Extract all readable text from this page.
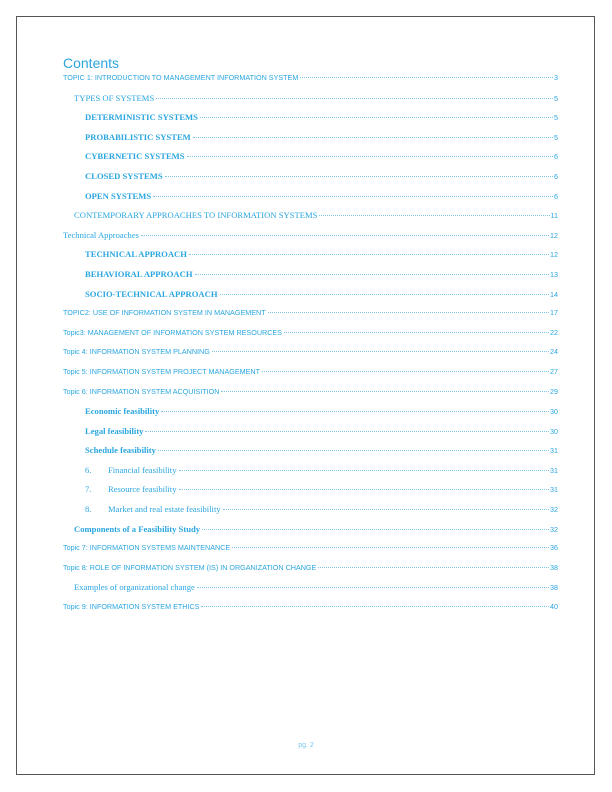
Contents
TOPIC 1: INTRODUCTION TO MANAGEMENT INFORMATION SYSTEM	3
TYPES OF SYSTEMS	5
DETERMINISTIC SYSTEMS	5
PROBABILISTIC SYSTEM	5
CYBERNETIC SYSTEMS	6
CLOSED SYSTEMS	6
OPEN SYSTEMS	6
CONTEMPORARY APPROACHES TO INFORMATION SYSTEMS	11
Technical Approaches	12
TECHNICAL APPROACH	12
BEHAVIORAL APPROACH	13
SOCIO-TECHNICAL APPROACH	14
TOPIC2: USE OF INFORMATION SYSTEM IN MANAGEMENT	17
Topic3: MANAGEMENT OF INFORMATION SYSTEM RESOURCES	22
Topic 4: INFORMATION SYSTEM PLANNING	24
Topic 5: INFORMATION SYSTEM PROJECT MANAGEMENT	27
Topic 6: INFORMATION SYSTEM ACQUISITION	29
Economic feasibility	30
Legal feasibility	30
Schedule feasibility	31
6.	Financial feasibility	31
7.	Resource feasibility	31
8.	Market and real estate feasibility	32
Components of a Feasibility Study	32
Topic 7: INFORMATION SYSTEMS MAINTENANCE	36
Topic 8: ROLE OF INFORMATION SYSTEM (IS) IN ORGANIZATION CHANGE	38
Examples of organizational change	38
Topic 9: INFORMATION SYSTEM ETHICS	40
pg. 2
